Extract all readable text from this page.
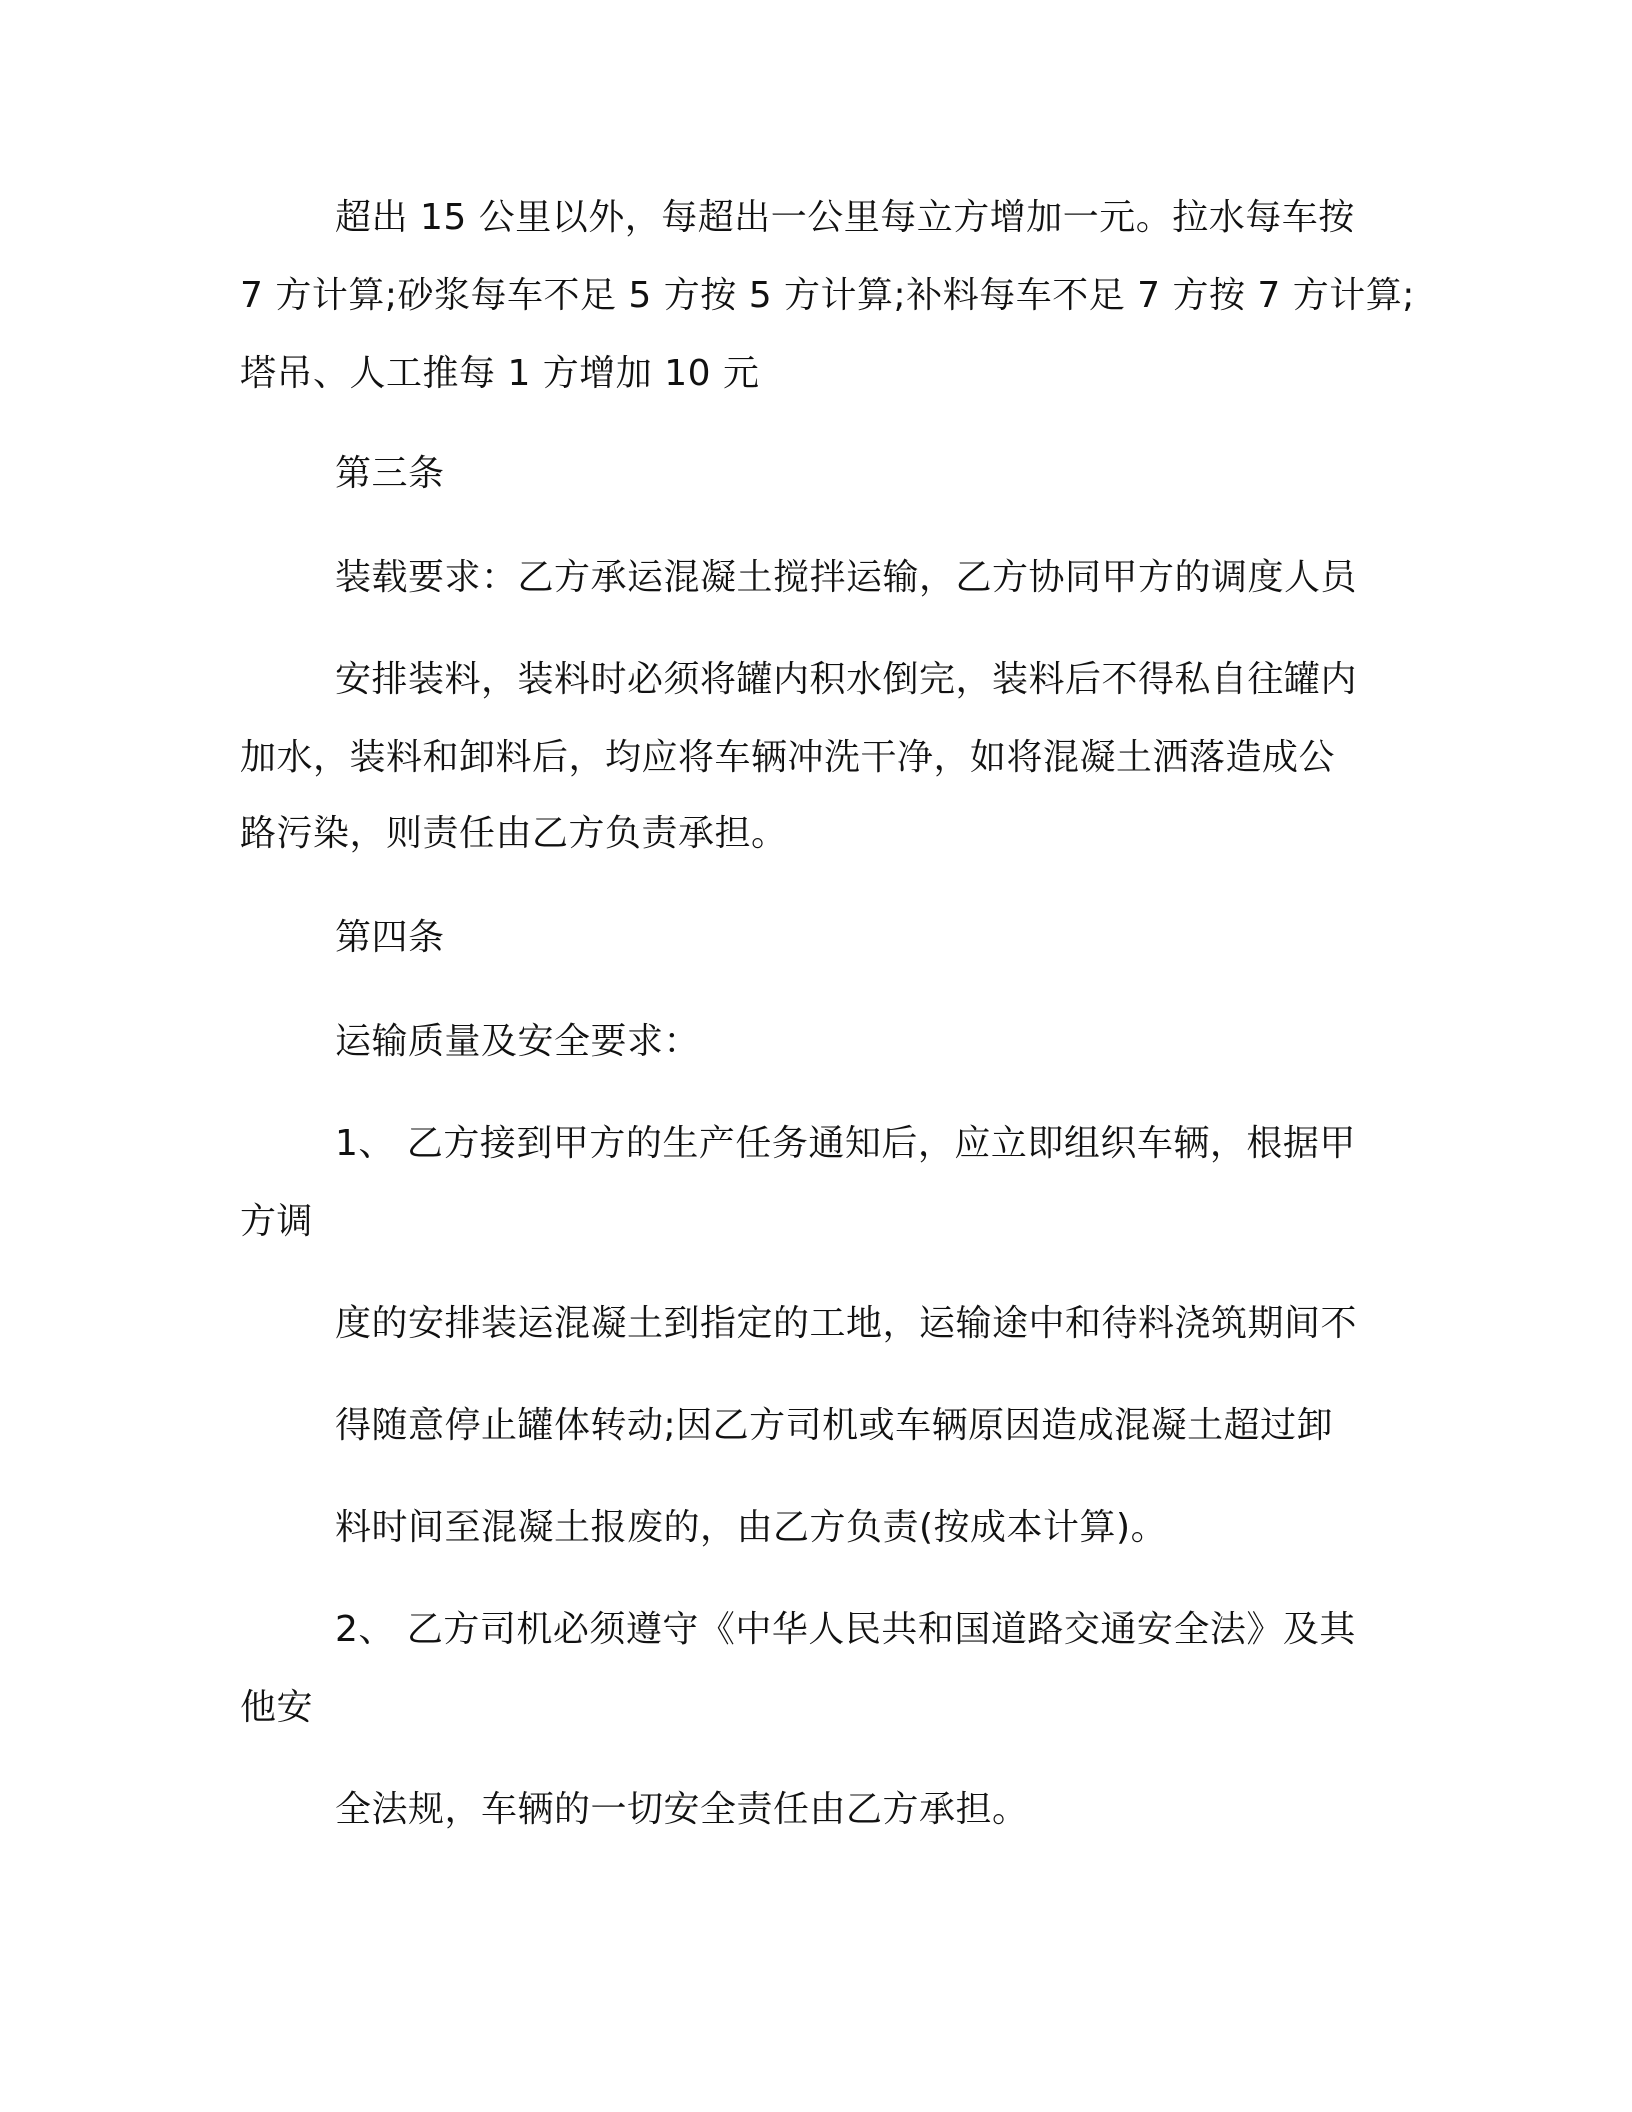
超出 15 公里以外，每超出一公里每立方增加一元。拉水每车按
7 方计算;砂浆每车不足 5 方按 5 方计算;补料每车不足 7 方按 7 方计算;
塔吊、人工推每 1 方增加 10 元
第三条
装载要求：乙方承运混凝土搅拌运输，乙方协同甲方的调度人员
安排装料，装料时必须将罐内积水倒完，装料后不得私自往罐内
加水，装料和卸料后，均应将车辆冲洗干净，如将混凝土洒落造成公
路污染，则责任由乙方负责承担。
第四条
运输质量及安全要求：
1、 乙方接到甲方的生产任务通知后，应立即组织车辆，根据甲
方调
度的安排装运混凝土到指定的工地，运输途中和待料浇筑期间不
得随意停止罐体转动;因乙方司机或车辆原因造成混凝土超过卸
料时间至混凝土报废的，由乙方负责(按成本计算)。
2、 乙方司机必须遵守《中华人民共和国道路交通安全法》及其
他安
全法规，车辆的一切安全责任由乙方承担。
